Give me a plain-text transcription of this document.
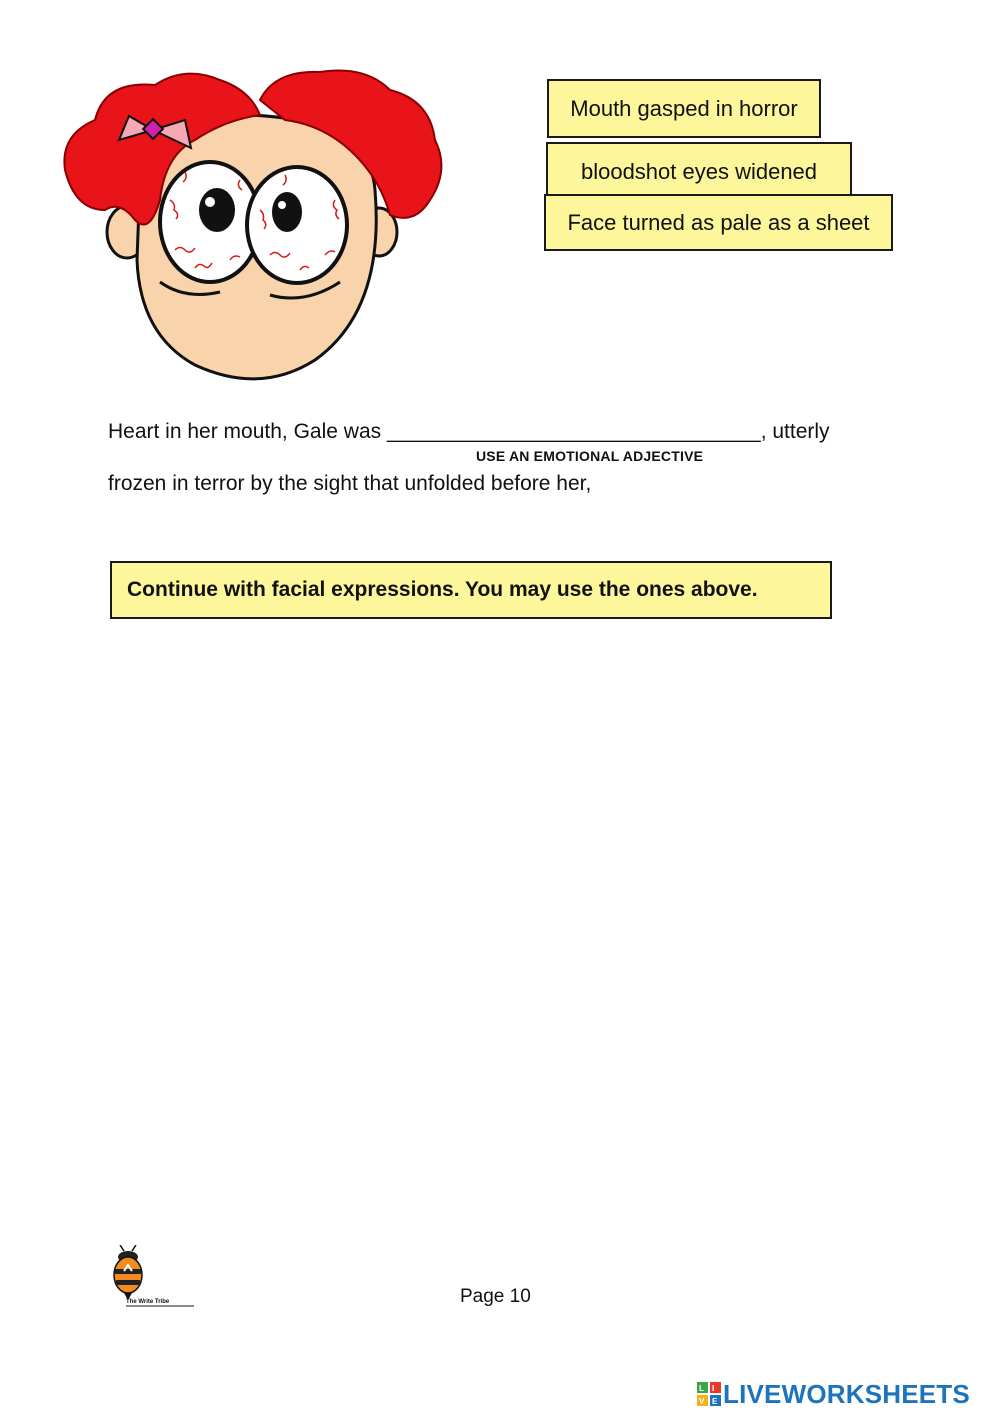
Mouth gasped in horror
bloodshot eyes widened
Face turned as pale as a sheet
Heart in her mouth, Gale was ________________________________, utterly
USE AN EMOTIONAL ADJECTIVE
frozen in terror by the sight that unfolded before her,
Continue with facial expressions. You may use the ones above.
The Write Tribe	Page 10
L I
V E LIVEWORKSHEETS
